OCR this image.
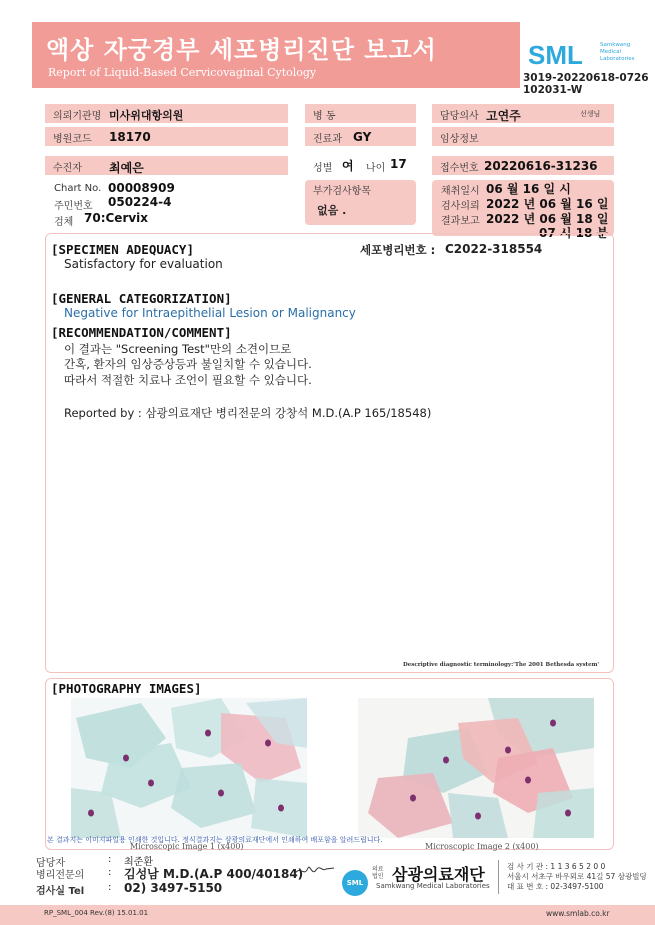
액상 자궁경부 세포병리진단 보고서
Report of Liquid-Based Cervicovaginal Cytology
SML	Samkwang
Medical
Laboratories
3019-20220618-0726
102031-W
의뢰기관명 미사위대항의원	병 동	담당의사 고연주	선생님
병원코드 18170	진료과 GY	임상정보
수진자 최예은	성별 여 나이 17	접수번호 20220616-31236
Chart No. 00008909
주민번호 050224-4
검체 70:Cervix
부가검사항목
없음 .
채취일시 06 월 16 일 시
검사의뢰 2022 년 06 월 16 일
결과보고 2022 년 06 월 18 일
07 시 18 분
[SPECIMEN ADEQUACY]
Satisfactory for evaluation
세포병리번호 : C2022-318554
[GENERAL CATEGORIZATION]
Negative for Intraepithelial Lesion or Malignancy
[RECOMMENDATION/COMMENT]
이 결과는 "Screening Test"만의 소견이므로
간혹, 환자의 임상증상등과 불일치할 수 있습니다.
따라서 적절한 치료나 조언이 필요할 수 있습니다.
Reported by : 삼광의료재단 병리전문의 강창석 M.D.(A.P 165/18548)
Descriptive diagnostic terminology:'The 2001 Bethesda system'
[PHOTOGRAPHY IMAGES]
Microscopic Image 1 (x400)	Microscopic Image 2 (x400)
본 결과지는 이미지파일용 인쇄한 것입니다. 정식결과지는 삼광의료재단에서 인쇄하여 배포함을 알려드립니다.
담당자	: 최준환
병리전문의 : 김성남 M.D.(A.P 400/40184)
검사실 Tel : 02) 3497-5150	SML
의료법인 삼광의료재단
Samkwang Medical Laboratories
검 사 기 관 : 1 1 3 6 5 2 0 0
서울시 서초구 바우뫼로 41길 57 삼광빌딩
대 표 번 호 : 02-3497-5100
RP_SML_004 Rev.(8) 15.01.01	www.smlab.co.kr
